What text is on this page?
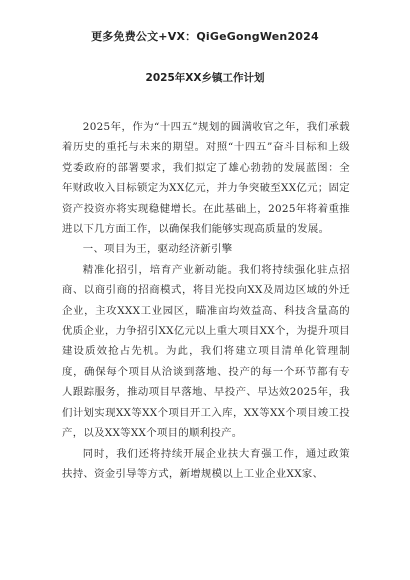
更多免费公文+VX：QiGeGongWen2024
2025年XX乡镇工作计划

2025年，作为“十四五”规划的圆满收官之年，我们承载着历史的重托与未来的期望。对照“十四五”奋斗目标和上级党委政府的部署要求，我们拟定了雄心勃勃的发展蓝图：全年财政收入目标锁定为XX亿元，并力争突破至XX亿元；固定资产投资亦将实现稳健增长。在此基础上，2025年将着重推进以下几方面工作，以确保我们能够实现高质量的发展。

一、项目为王，驱动经济新引擎

精准化招引，培育产业新动能。我们将持续强化驻点招商、以商引商的招商模式，将目光投向XX及周边区域的外迁企业，主攻XXX工业园区，瞄准亩均效益高、科技含量高的优质企业，力争招引XX亿元以上重大项目XX个，为提升项目建设质效抢占先机。为此，我们将建立项目清单化管理制度，确保每个项目从洽谈到落地、投产的每一个环节都有专人跟踪服务，推动项目早落地、早投产、早达效2025年，我们计划实现XX等XX个项目开工入库，XX等XX个项目竣工投产，以及XX等XX个项目的顺利投产。

同时，我们还将持续开展企业扶大育强工作，通过政策扶持、资金引导等方式，新增规模以上工业企业XX家、
